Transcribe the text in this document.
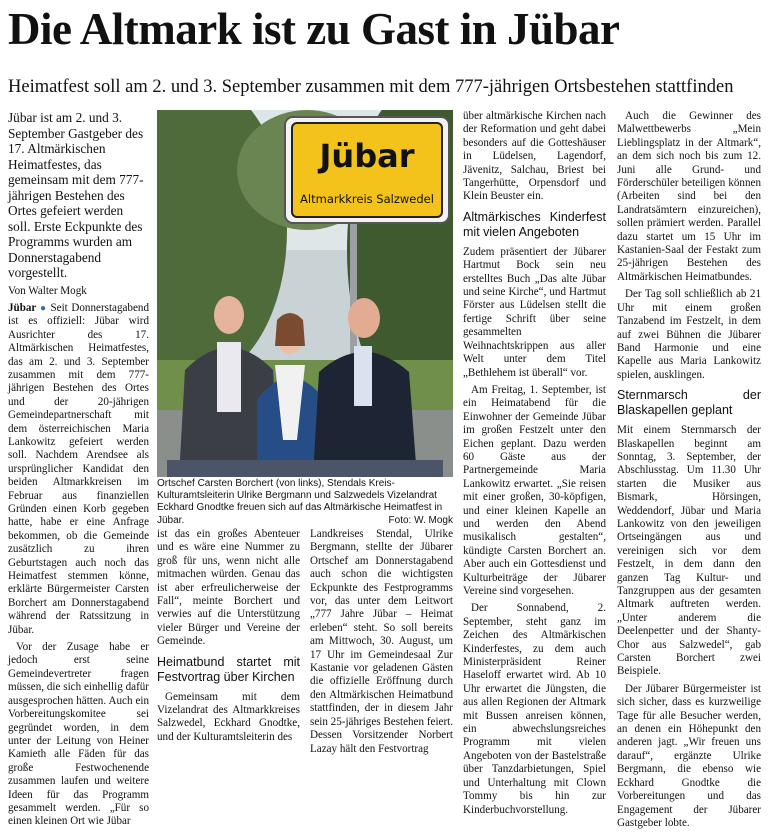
Die Altmark ist zu Gast in Jübar
Heimatfest soll am 2. und 3. September zusammen mit dem 777-jährigen Ortsbestehen stattfinden

Jübar ist am 2. und 3. September Gastgeber des 17. Altmärkischen Heimatfestes, das gemeinsam mit dem 777-jährigen Bestehen des Ortes gefeiert werden soll. Erste Eckpunkte des Programms wurden am Donnerstagabend vorgestellt.

Von Walter Mogk

Jübar ● Seit Donnerstagabend ist es offiziell: Jübar wird Ausrichter des 17. Altmärkischen Heimatfestes, das am 2. und 3. September zusammen mit dem 777-jährigen Bestehen des Ortes und der 20-jährigen Gemeindepartnerschaft mit dem österreichischen Maria Lankowitz gefeiert werden soll. Nachdem Arendsee als ursprünglicher Kandidat den beiden Altmarkkreisen im Februar aus finanziellen Gründen einen Korb gegeben hatte, habe er eine Anfrage bekommen, ob die Gemeinde zusätzlich zu ihren Geburtstagen auch noch das Heimatfest stemmen könne, erklärte Bürgermeister Carsten Borchert am Donnerstagabend während der Ratssitzung in Jübar.

Vor der Zusage habe er jedoch erst seine Gemeindevertreter fragen müssen, die sich einhellig dafür ausgesprochen hätten. Auch ein Vorbereitungskomitee sei gegründet worden, in dem unter der Leitung von Heiner Kamieth alle Fäden für das große Festwochenende zusammen laufen und weitere Ideen für das Programm gesammelt werden. „Für so einen kleinen Ort wie Jübar

Jübar
Altmarkkreis Salzwedel
Ortschef Carsten Borchert (von links), Stendals Kreis-Kulturamtsleiterin Ulrike Bergmann und Salzwedels Vizelandrat Eckhard Gnodtke freuen sich auf das Altmärkische Heimatfest in Jübar.	Foto: W. Mogk

ist das ein großes Abenteuer und es wäre eine Nummer zu groß für uns, wenn nicht alle mitmachen würden. Genau das ist aber erfreulicherweise der Fall“, meinte Borchert und verwies auf die Unterstützung vieler Bürger und Vereine der Gemeinde.

Heimatbund startet mit Festvortrag über Kirchen

Gemeinsam mit dem Vizelandrat des Altmarkkreises Salzwedel, Eckhard Gnodtke, und der Kulturamtsleiterin des

Landkreises Stendal, Ulrike Bergmann, stellte der Jübarer Ortschef am Donnerstagabend auch schon die wichtigsten Eckpunkte des Festprogramms vor, das unter dem Leitwort „777 Jahre Jübar – Heimat erleben“ steht. So soll bereits am Mittwoch, 30. August, um 17 Uhr im Gemeindesaal Zur Kastanie vor geladenen Gästen die offizielle Eröffnung durch den Altmärkischen Heimatbund stattfinden, der in diesem Jahr sein 25-jähriges Bestehen feiert. Dessen Vorsitzender Norbert Lazay hält den Festvortrag

über altmärkische Kirchen nach der Reformation und geht dabei besonders auf die Gotteshäuser in Lüdelsen, Lagendorf, Jävenitz, Salchau, Briest bei Tangerhütte, Orpensdorf und Klein Beuster ein.

Altmärkisches Kinderfest mit vielen Angeboten

Zudem präsentiert der Jübarer Hartmut Bock sein neu erstelltes Buch „Das alte Jübar und seine Kirche“, und Hartmut Förster aus Lüdelsen stellt die fertige Schrift über seine gesammelten Weihnachtskrippen aus aller Welt unter dem Titel „Bethlehem ist überall“ vor.

Am Freitag, 1. September, ist ein Heimatabend für die Einwohner der Gemeinde Jübar im großen Festzelt unter den Eichen geplant. Dazu werden 60 Gäste aus der Partnergemeinde Maria Lankowitz erwartet. „Sie reisen mit einer großen, 30-köpfigen, und einer kleinen Kapelle an und werden den Abend musikalisch gestalten“, kündigte Carsten Borchert an. Aber auch ein Gottesdienst und Kulturbeiträge der Jübarer Vereine sind vorgesehen.

Der Sonnabend, 2. September, steht ganz im Zeichen des Altmärkischen Kinderfestes, zu dem auch Ministerpräsident Reiner Haseloff erwartet wird. Ab 10 Uhr erwartet die Jüngsten, die aus allen Regionen der Altmark mit Bussen anreisen können, ein abwechslungsreiches Programm mit vielen Angeboten von der Bastelstraße über Tanzdarbietungen, Spiel und Unterhaltung mit Clown Tommy bis hin zur Kinderbuchvorstellung.

Auch die Gewinner des Malwettbewerbs „Mein Lieblingsplatz in der Altmark“, an dem sich noch bis zum 12. Juni alle Grund- und Förderschüler beteiligen können (Arbeiten sind bei den Landratsämtern einzureichen), sollen prämiert werden. Parallel dazu startet um 15 Uhr im Kastanien-Saal der Festakt zum 25-jährigen Bestehen des Altmärkischen Heimatbundes.

Der Tag soll schließlich ab 21 Uhr mit einem großen Tanzabend im Festzelt, in dem auf zwei Bühnen die Jübarer Band Harmonie und eine Kapelle aus Maria Lankowitz spielen, ausklingen.

Sternmarsch der Blaskapellen geplant

Mit einem Sternmarsch der Blaskapellen beginnt am Sonntag, 3. September, der Abschlusstag. Um 11.30 Uhr starten die Musiker aus Bismark, Hörsingen, Weddendorf, Jübar und Maria Lankowitz von den jeweiligen Ortseingängen aus und vereinigen sich vor dem Festzelt, in dem dann den ganzen Tag Kultur- und Tanzgruppen aus der gesamten Altmark auftreten werden. „Unter anderem die Deelenpetter und der Shanty-Chor aus Salzwedel“, gab Carsten Borchert zwei Beispiele.

Der Jübarer Bürgermeister ist sich sicher, dass es kurzweilige Tage für alle Besucher werden, an denen ein Höhepunkt den anderen jagt. „Wir freuen uns darauf“, ergänzte Ulrike Bergmann, die ebenso wie Eckhard Gnodtke die Vorbereitungen und das Engagement der Jübarer Gastgeber lobte.
